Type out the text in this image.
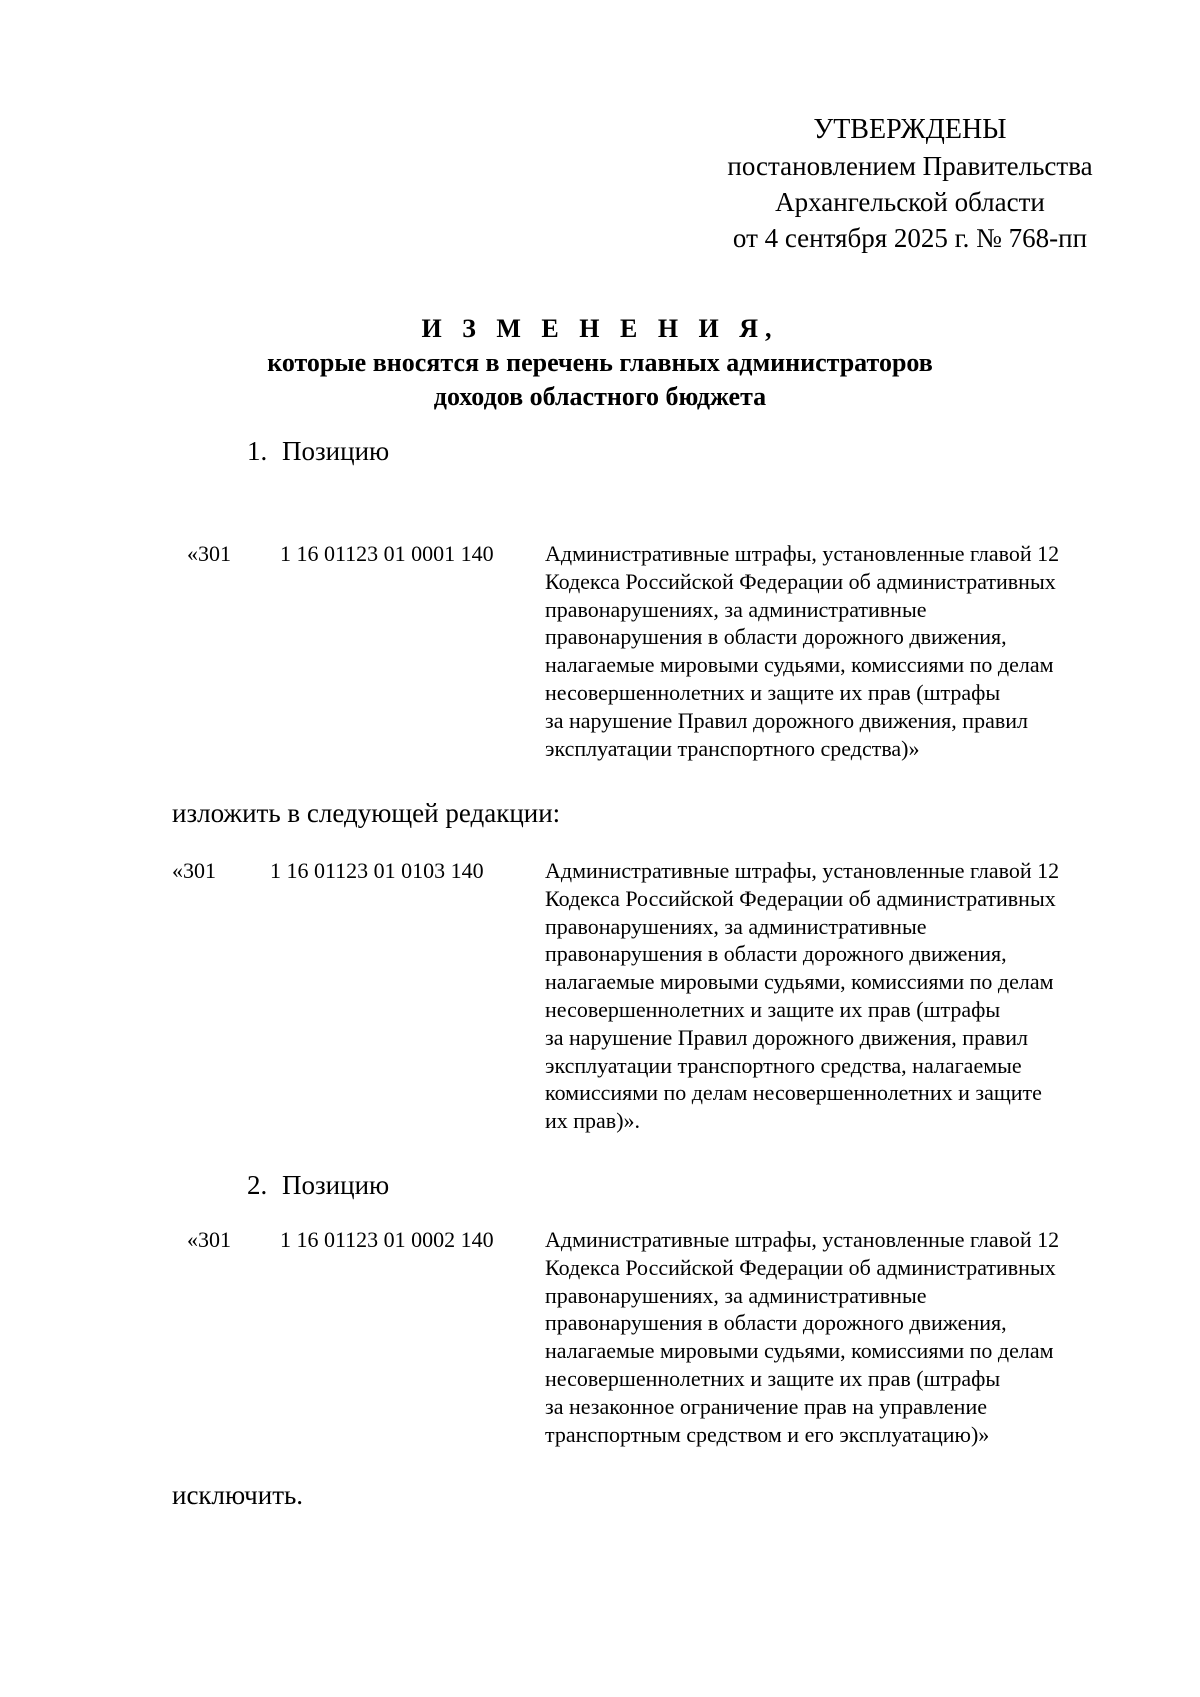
УТВЕРЖДЕНЫ
постановлением Правительства
Архангельской области
от 4 сентября 2025 г. № 768-пп
И З М Е Н Е Н И Я,
которые вносятся в перечень главных администраторов
доходов областного бюджета
1. Позицию
«301 1 16 01123 01 0001 140 Административные штрафы, установленные главой 12
Кодекса Российской Федерации об административных
правонарушениях, за административные
правонарушения в области дорожного движения,
налагаемые мировыми судьями, комиссиями по делам
несовершеннолетних и защите их прав (штрафы
за нарушение Правил дорожного движения, правил
эксплуатации транспортного средства)»
изложить в следующей редакции:
«301 1 16 01123 01 0103 140	Административные штрафы, установленные главой 12
Кодекса Российской Федерации об административных
правонарушениях, за административные
правонарушения в области дорожного движения,
налагаемые мировыми судьями, комиссиями по делам
несовершеннолетних и защите их прав (штрафы
за нарушение Правил дорожного движения, правил
эксплуатации транспортного средства, налагаемые
комиссиями по делам несовершеннолетних и защите
их прав)».
2. Позицию
«301 1 16 01123 01 0002 140 Административные штрафы, установленные главой 12
Кодекса Российской Федерации об административных
правонарушениях, за административные
правонарушения в области дорожного движения,
налагаемые мировыми судьями, комиссиями по делам
несовершеннолетних и защите их прав (штрафы
за незаконное ограничение прав на управление
транспортным средством и его эксплуатацию)»
исключить.
